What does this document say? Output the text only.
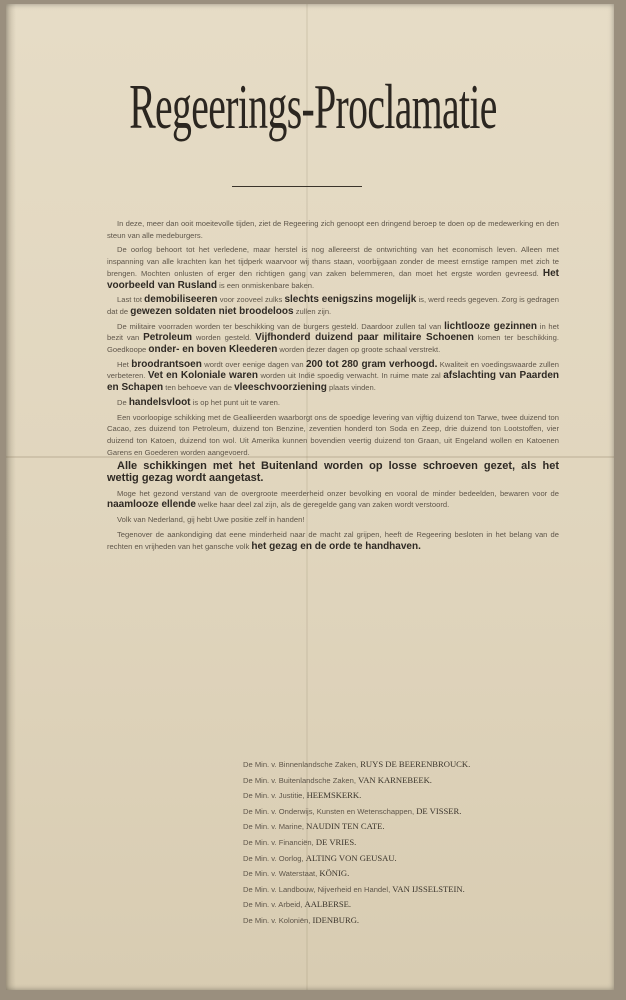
Regeerings-Proclamatie

In deze, meer dan ooit moeitevolle tijden, ziet de Regeering zich genoopt een dringend beroep te doen op de medewerking en den steun van alle medeburgers.

De oorlog behoort tot het verledene, maar herstel is nog allereerst de ontwrichting van het economisch leven. Alleen met inspanning van alle krachten kan het tijdperk waarvoor wij thans staan, voorbijgaan zonder de meest ernstige rampen met zich te brengen. Mochten onlusten of erger den richtigen gang van zaken belemmeren, dan moet het ergste worden gevreesd. Het voorbeeld van Rusland is een onmiskenbare baken.

Last tot demobiliseeren voor zooveel zulks slechts eenigszins mogelijk is, werd reeds gegeven. Zorg is gedragen dat de gewezen soldaten niet broodeloos zullen zijn.

De militaire voorraden worden ter beschikking van de burgers gesteld. Daardoor zullen tal van lichtlooze gezinnen in het bezit van Petroleum worden gesteld. Vijfhonderd duizend paar militaire Schoenen komen ter beschikking. Goedkoope onder- en boven Kleederen worden dezer dagen op groote schaal verstrekt.

Het broodrantsoen wordt over eenige dagen van 200 tot 280 gram verhoogd. Kwaliteit en voedingswaarde zullen verbeteren. Vet en Koloniale waren worden uit Indië spoedig verwacht. In ruime mate zal afslachting van Paarden en Schapen ten behoeve van de vleeschvoorziening plaats vinden.

De handelsvloot is op het punt uit te varen.

Een voorloopige schikking met de Geallieerden waarborgt ons de spoedige levering van vijftig duizend ton Tarwe, twee duizend ton Cacao, zes duizend ton Petroleum, duizend ton Benzine, zeventien honderd ton Soda en Zeep, drie duizend ton Lootstoffen, vier duizend ton Katoen, duizend ton wol. Uit Amerika kunnen bovendien veertig duizend ton Graan, uit Engeland wollen en Katoenen Garens en Goederen worden aangevoerd.

Alle schikkingen met het Buitenland worden op losse schroeven gezet, als het wettig gezag wordt aangetast.

Moge het gezond verstand van de overgroote meerderheid onzer bevolking en vooral de minder bedeelden, bewaren voor de naamlooze ellende welke haar deel zal zijn, als de geregelde gang van zaken wordt verstoord.

Volk van Nederland, gij hebt Uwe positie zelf in handen!

Tegenover de aankondiging dat eene minderheid naar de macht zal grijpen, heeft de Regeering besloten in het belang van de rechten en vrijheden van het gansche volk het gezag en de orde te handhaven.

De Min. v. Binnenlandsche Zaken, RUYS DE BEERENBROUCK.
De Min. v. Buitenlandsche Zaken, VAN KARNEBEEK.
De Min. v. Justitie, HEEMSKERK.
De Min. v. Onderwijs, Kunsten en Wetenschappen, DE VISSER.
De Min. v. Marine, NAUDIN TEN CATE.
De Min. v. Financiën, DE VRIES.
De Min. v. Oorlog, ALTING VON GEUSAU.
De Min. v. Waterstaat, KÖNIG.
De Min. v. Landbouw, Nijverheid en Handel, VAN IJSSELSTEIN.
De Min. v. Arbeid, AALBERSE.
De Min. v. Koloniën, IDENBURG.
